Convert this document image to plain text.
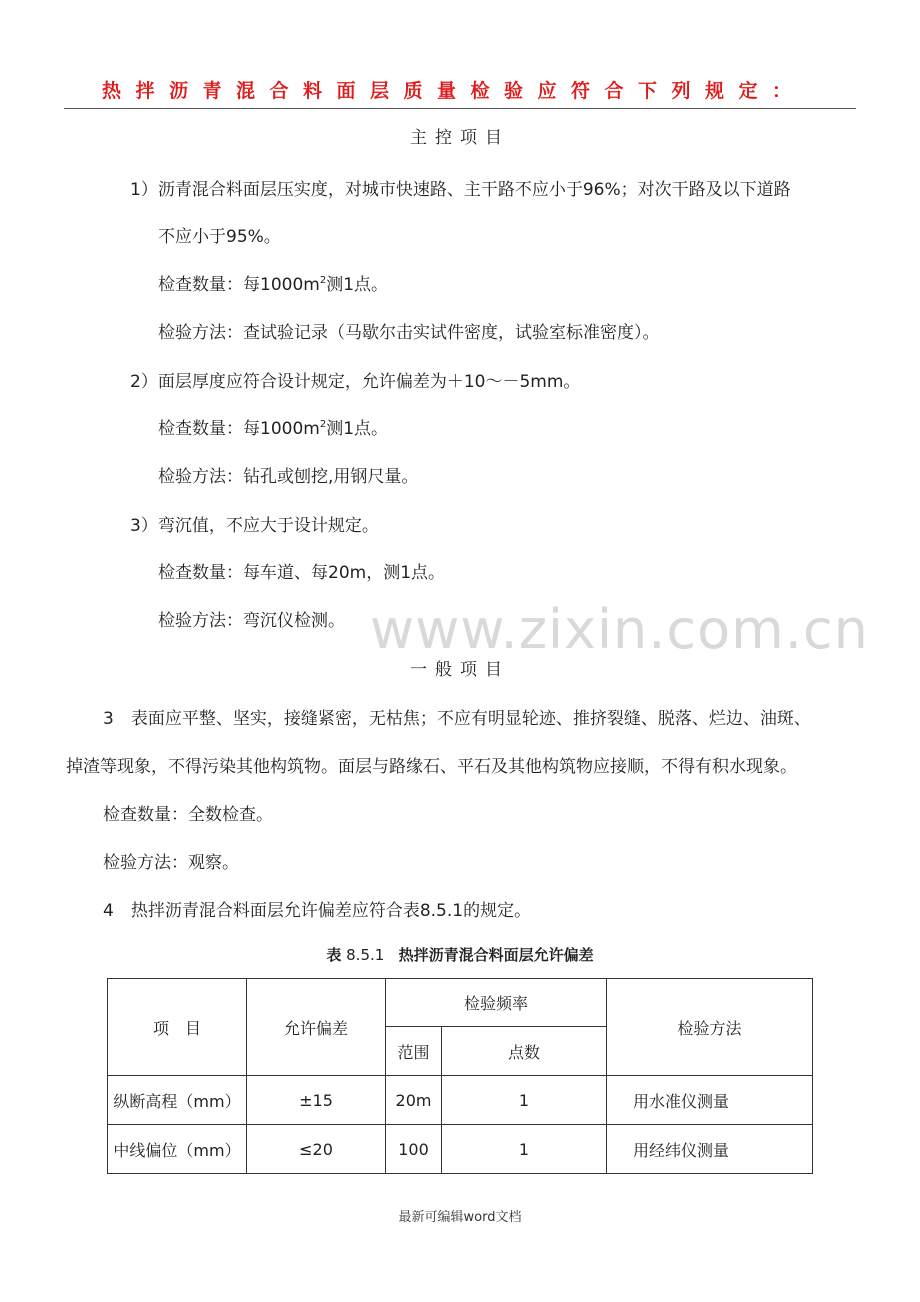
热拌沥青混合料面层质量检验应符合下列规定：
主控项目
1）沥青混合料面层压实度，对城市快速路、主干路不应小于96%；对次干路及以下道路
不应小于95%。
检查数量：每$1000m^2$测1点。
检验方法：查试验记录（马歇尔击实试件密度，试验室标准密度）。
2）面层厚度应符合设计规定，允许偏差为＋10～－5mm。
检查数量：每$1000m^2$测1点。
检验方法：钻孔或刨挖,用钢尺量。
3）弯沉值，不应大于设计规定。
检查数量：每车道、每20m，测1点。
检验方法：弯沉仪检测。 www.zixin.com.cn
一般项目
3　表面应平整、坚实，接缝紧密，无枯焦；不应有明显轮迹、推挤裂缝、脱落、烂边、油斑、
掉渣等现象，不得污染其他构筑物。面层与路缘石、平石及其他构筑物应接顺，不得有积水现象。
检查数量：全数检查。
检验方法：观察。
4　热拌沥青混合料面层允许偏差应符合表8.5.1的规定。
表 8.5.1 热拌沥青混合料面层允许偏差
项　目	允许偏差	检验频率		检验方法
		范围	点数	
纵断高程（mm）	±15	20m	1	用水准仪测量
中线偏位（mm）	≤20	100	1	用经纬仪测量
最新可编辑word文档
